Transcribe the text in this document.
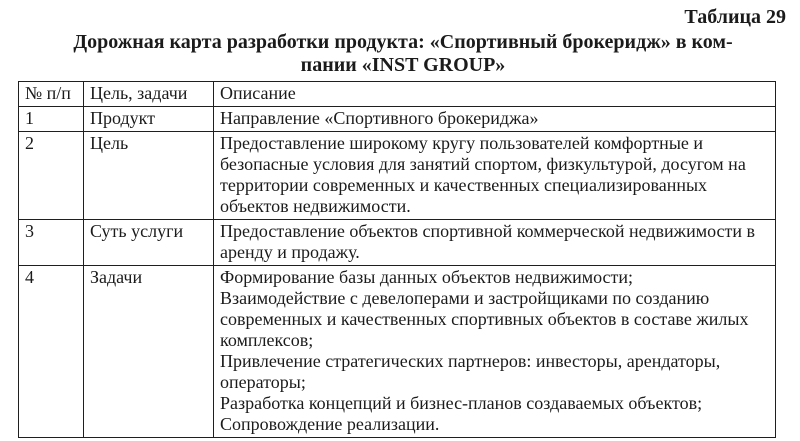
Таблица 29
Дорожная карта разработки продукта: «Спортивный брокеридж» в ком-
пании «INST GROUP»
№ п/п	Цель, задачи	Описание
1	Продукт	Направление «Спортивного брокериджа»
2	Цель	Предоставление широкому кругу пользователей комфортные и безопасные условия для занятий спортом, физкультурой, досугом на территории современных и качественных специализированных объектов недвижимости.
3	Суть услуги	Предоставление объектов спортивной коммерческой недвижимости в аренду и продажу.
4	Задачи	Формирование базы данных объектов недвижимости;
Взаимодействие с девелоперами и застройщиками по созданию современных и качественных спортивных объектов в составе жилых комплексов;
Привлечение стратегических партнеров: инвесторы, арендаторы, операторы;
Разработка концепций и бизнес-планов создаваемых объектов;
Сопровождение реализации.
